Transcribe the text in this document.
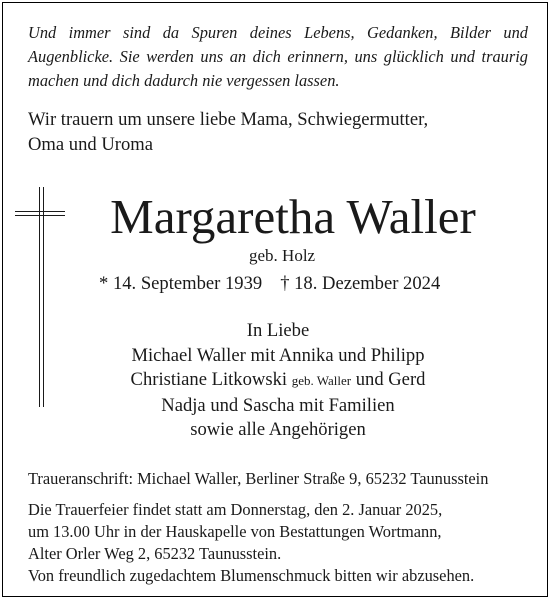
Und immer sind da Spuren deines Lebens, Gedanken, Bilder und Augenblicke. Sie werden uns an dich erinnern, uns glücklich und traurig machen und dich dadurch nie vergessen lassen.

Wir trauern um unsere liebe Mama, Schwiegermutter,
Oma und Uroma

Margaretha Waller

geb. Holz

* 14. September 1939 † 18. Dezember 2024

In Liebe
Michael Waller mit Annika und Philipp
Christiane Litkowski geb. Waller und Gerd
Nadja und Sascha mit Familien
sowie alle Angehörigen

Traueranschrift: Michael Waller, Berliner Straße 9, 65232 Taunusstein

Die Trauerfeier findet statt am Donnerstag, den 2. Januar 2025,
um 13.00 Uhr in der Hauskapelle von Bestattungen Wortmann,
Alter Orler Weg 2, 65232 Taunusstein.
Von freundlich zugedachtem Blumenschmuck bitten wir abzusehen.
